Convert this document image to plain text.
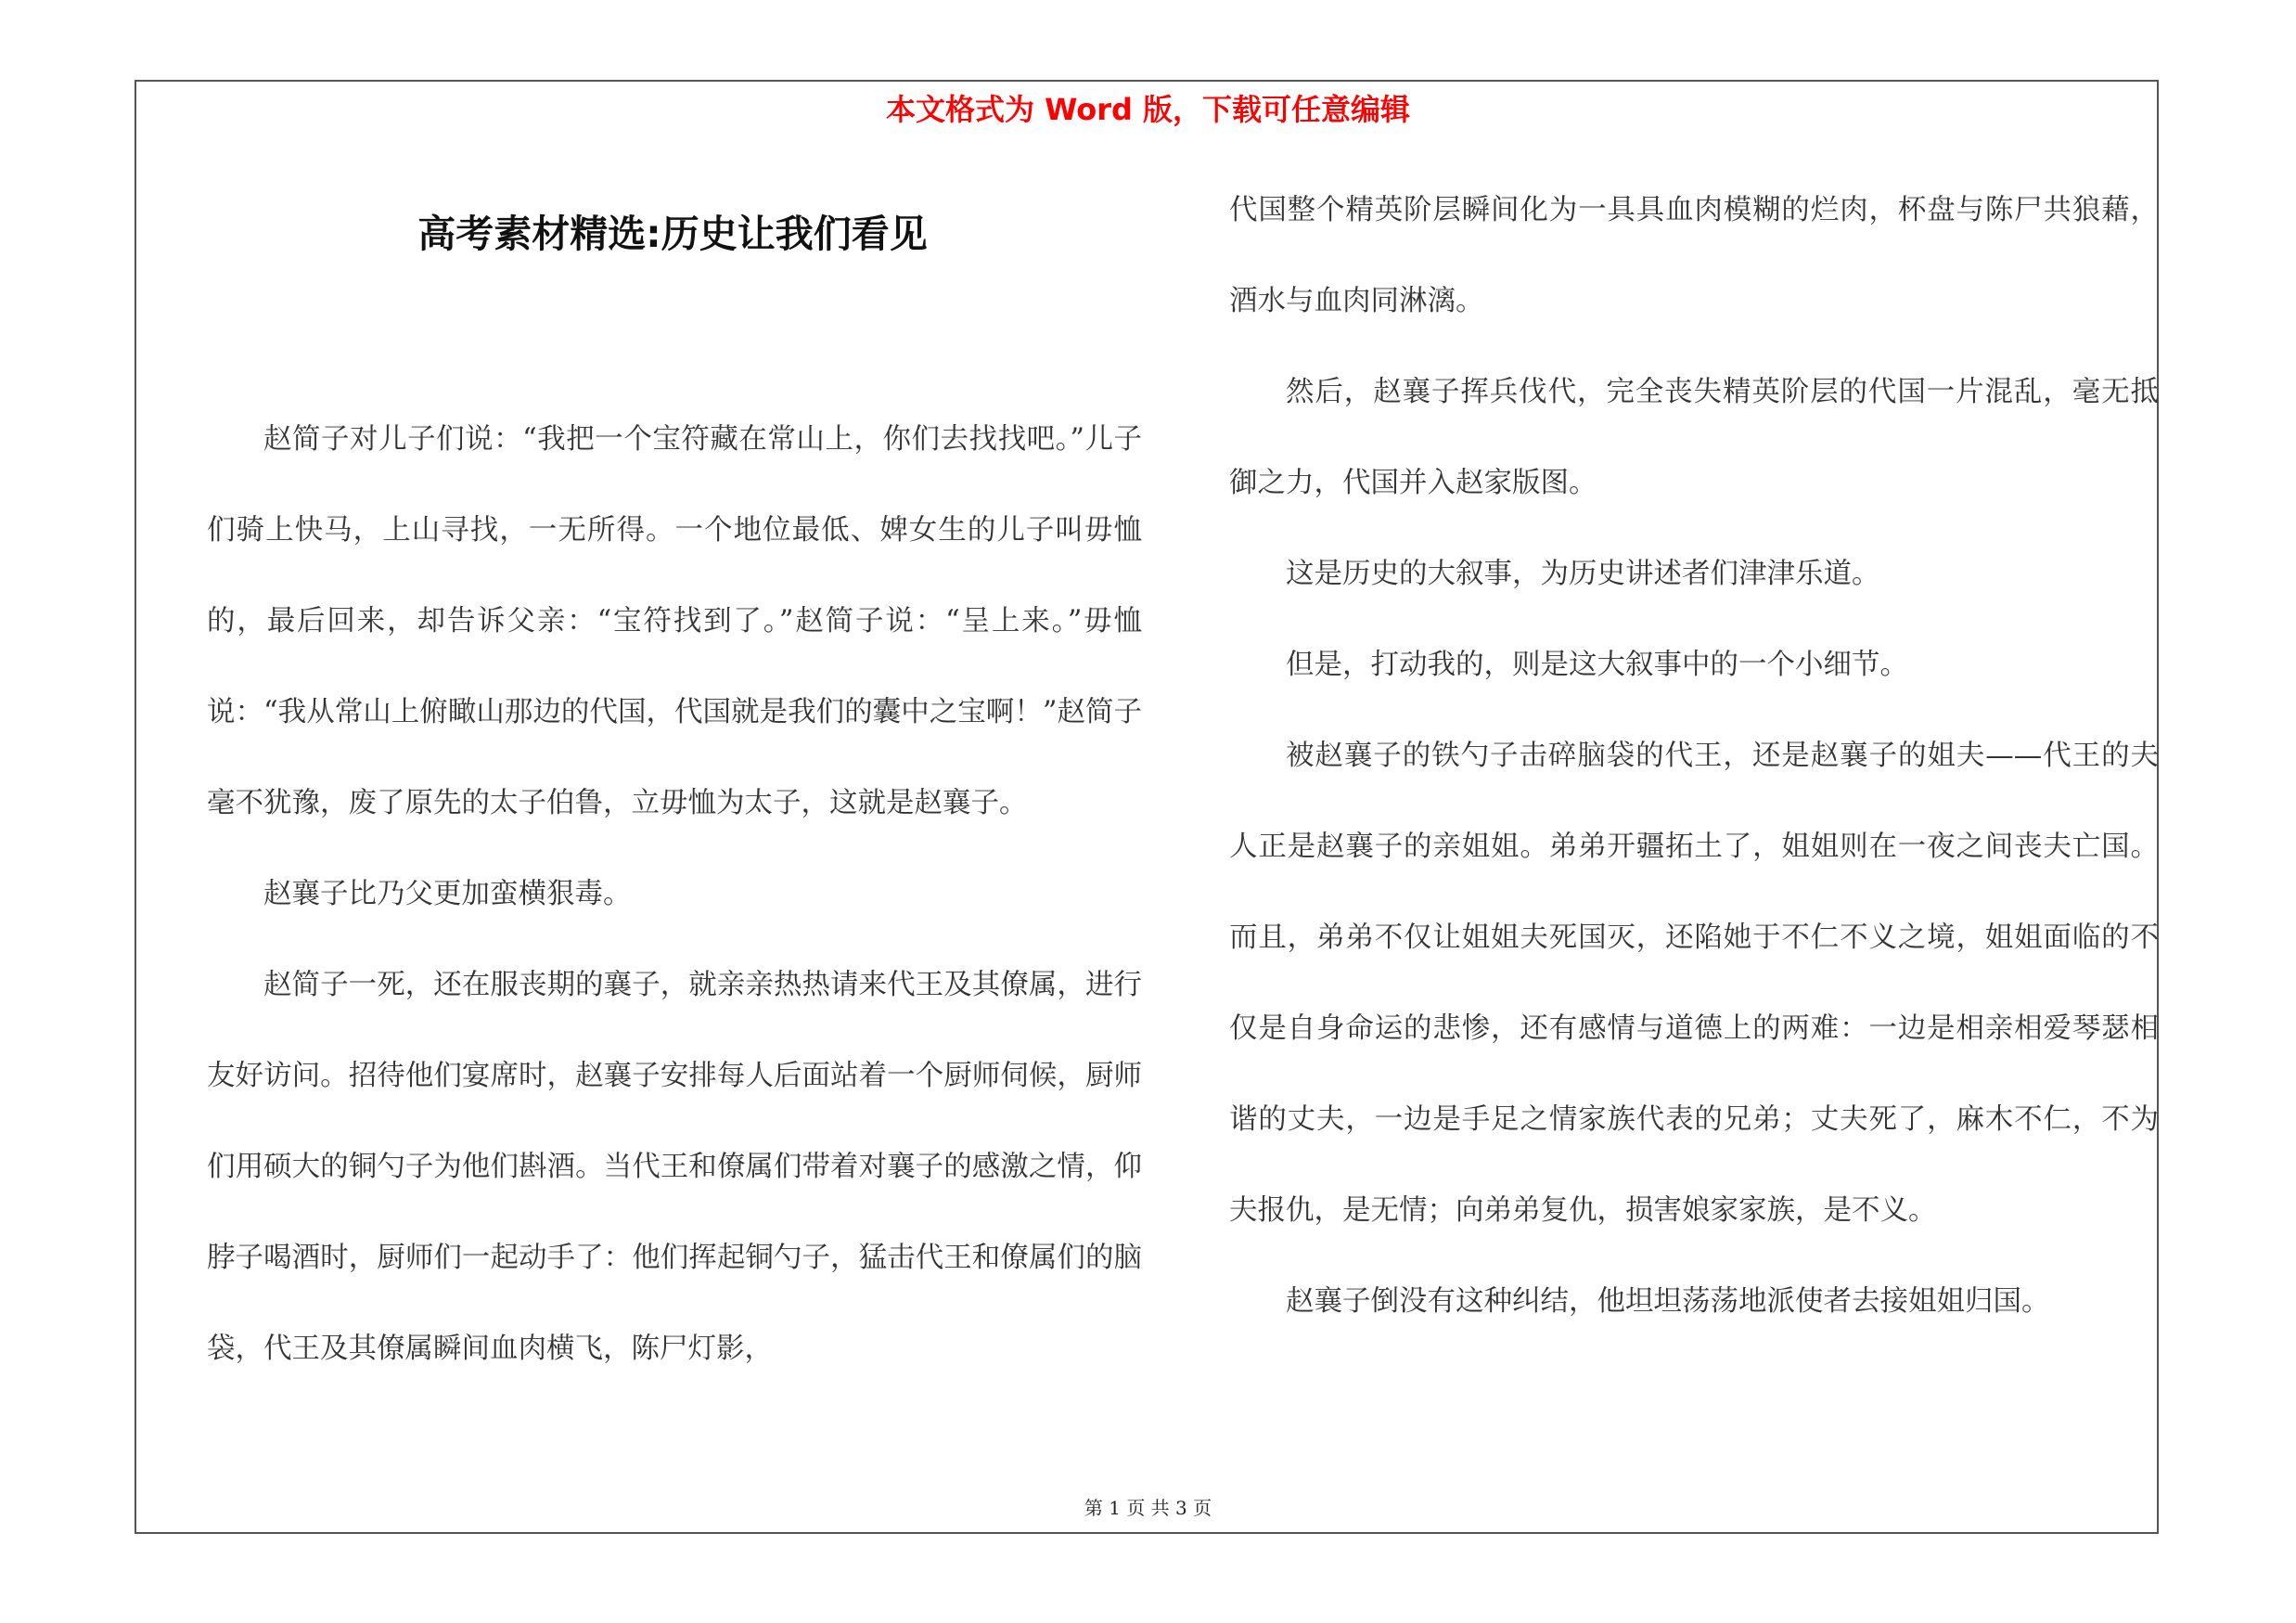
本文格式为 Word 版，下载可任意编辑
高考素材精选:历史让我们看见

赵简子对儿子们说：“我把一个宝符藏在常山上，你们去找找吧。”儿子们骑上快马，上山寻找，一无所得。一个地位最低、婢女生的儿子叫毋恤的，最后回来，却告诉父亲：“宝符找到了。”赵简子说：“呈上来。”毋恤说：“我从常山上俯瞰山那边的代国，代国就是我们的囊中之宝啊！”赵简子毫不犹豫，废了原先的太子伯鲁，立毋恤为太子，这就是赵襄子。

赵襄子比乃父更加蛮横狠毒。

赵简子一死，还在服丧期的襄子，就亲亲热热请来代王及其僚属，进行友好访问。招待他们宴席时，赵襄子安排每人后面站着一个厨师伺候，厨师们用硕大的铜勺子为他们斟酒。当代王和僚属们带着对襄子的感激之情，仰脖子喝酒时，厨师们一起动手了：他们挥起铜勺子，猛击代王和僚属们的脑袋，代王及其僚属瞬间血肉横飞，陈尸灯影，

代国整个精英阶层瞬间化为一具具血肉模糊的烂肉，杯盘与陈尸共狼藉，酒水与血肉同淋漓。

然后，赵襄子挥兵伐代，完全丧失精英阶层的代国一片混乱，毫无抵御之力，代国并入赵家版图。

这是历史的大叙事，为历史讲述者们津津乐道。

但是，打动我的，则是这大叙事中的一个小细节。

被赵襄子的铁勺子击碎脑袋的代王，还是赵襄子的姐夫——代王的夫人正是赵襄子的亲姐姐。弟弟开疆拓土了，姐姐则在一夜之间丧夫亡国。而且，弟弟不仅让姐姐夫死国灭，还陷她于不仁不义之境，姐姐面临的不仅是自身命运的悲惨，还有感情与道德上的两难：一边是相亲相爱琴瑟相谐的丈夫，一边是手足之情家族代表的兄弟；丈夫死了，麻木不仁，不为夫报仇，是无情；向弟弟复仇，损害娘家家族，是不义。

赵襄子倒没有这种纠结，他坦坦荡荡地派使者去接姐姐归国。

第 1 页 共 3 页
